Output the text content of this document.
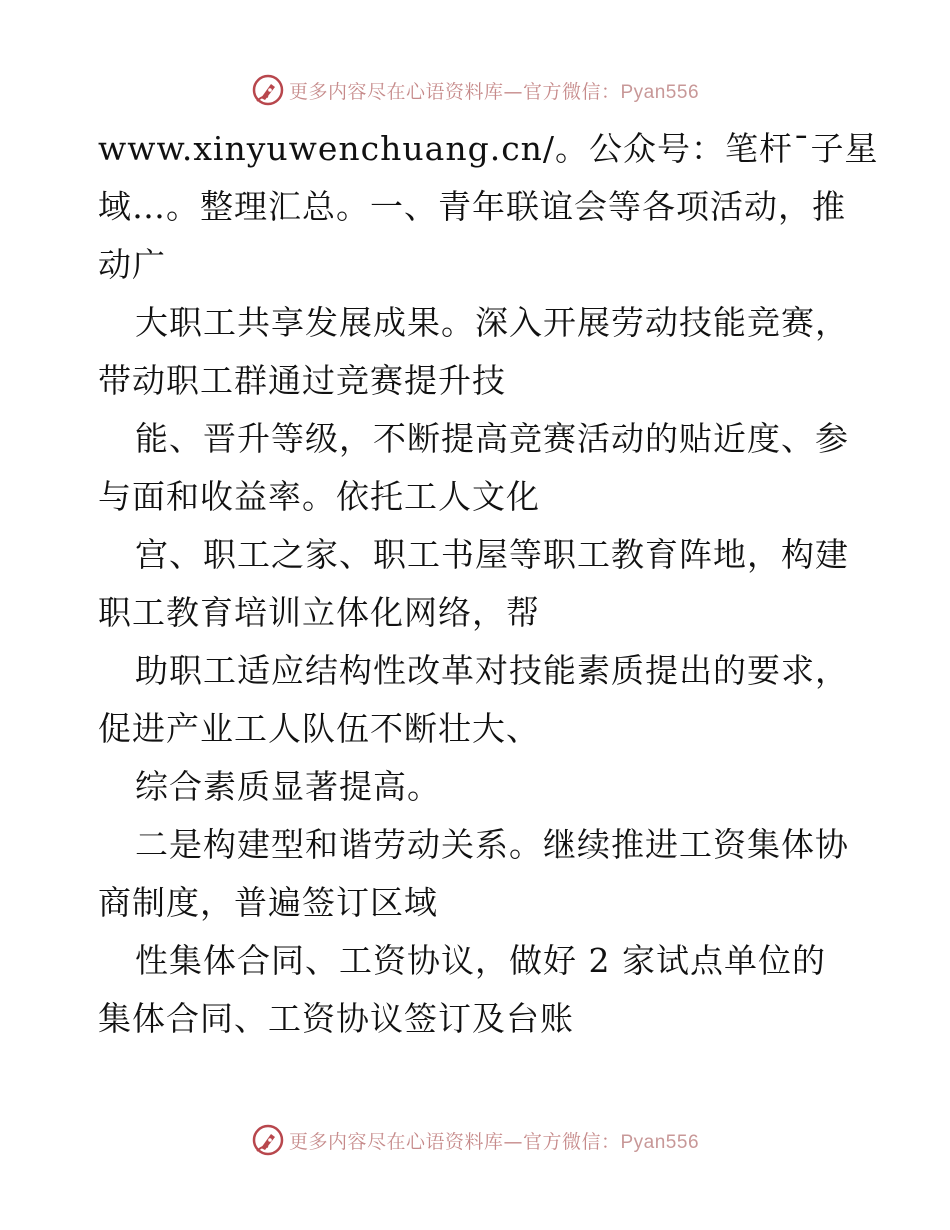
更多内容尽在心语资料库—官方微信：Pyan556
www.xinyuwenchuang.cn/。公众号：笔杆¯子星
域…。整理汇总。一、青年联谊会等各项活动，推
动广
大职工共享发展成果。深入开展劳动技能竞赛，
带动职工群通过竞赛提升技
能、晋升等级，不断提高竞赛活动的贴近度、参
与面和收益率。依托工人文化
宫、职工之家、职工书屋等职工教育阵地，构建
职工教育培训立体化网络，帮
助职工适应结构性改革对技能素质提出的要求，
促进产业工人队伍不断壮大、
综合素质显著提高。
二是构建型和谐劳动关系。继续推进工资集体协
商制度，普遍签订区域
性集体合同、工资协议，做好 2 家试点单位的
集体合同、工资协议签订及台账
更多内容尽在心语资料库—官方微信：Pyan556
